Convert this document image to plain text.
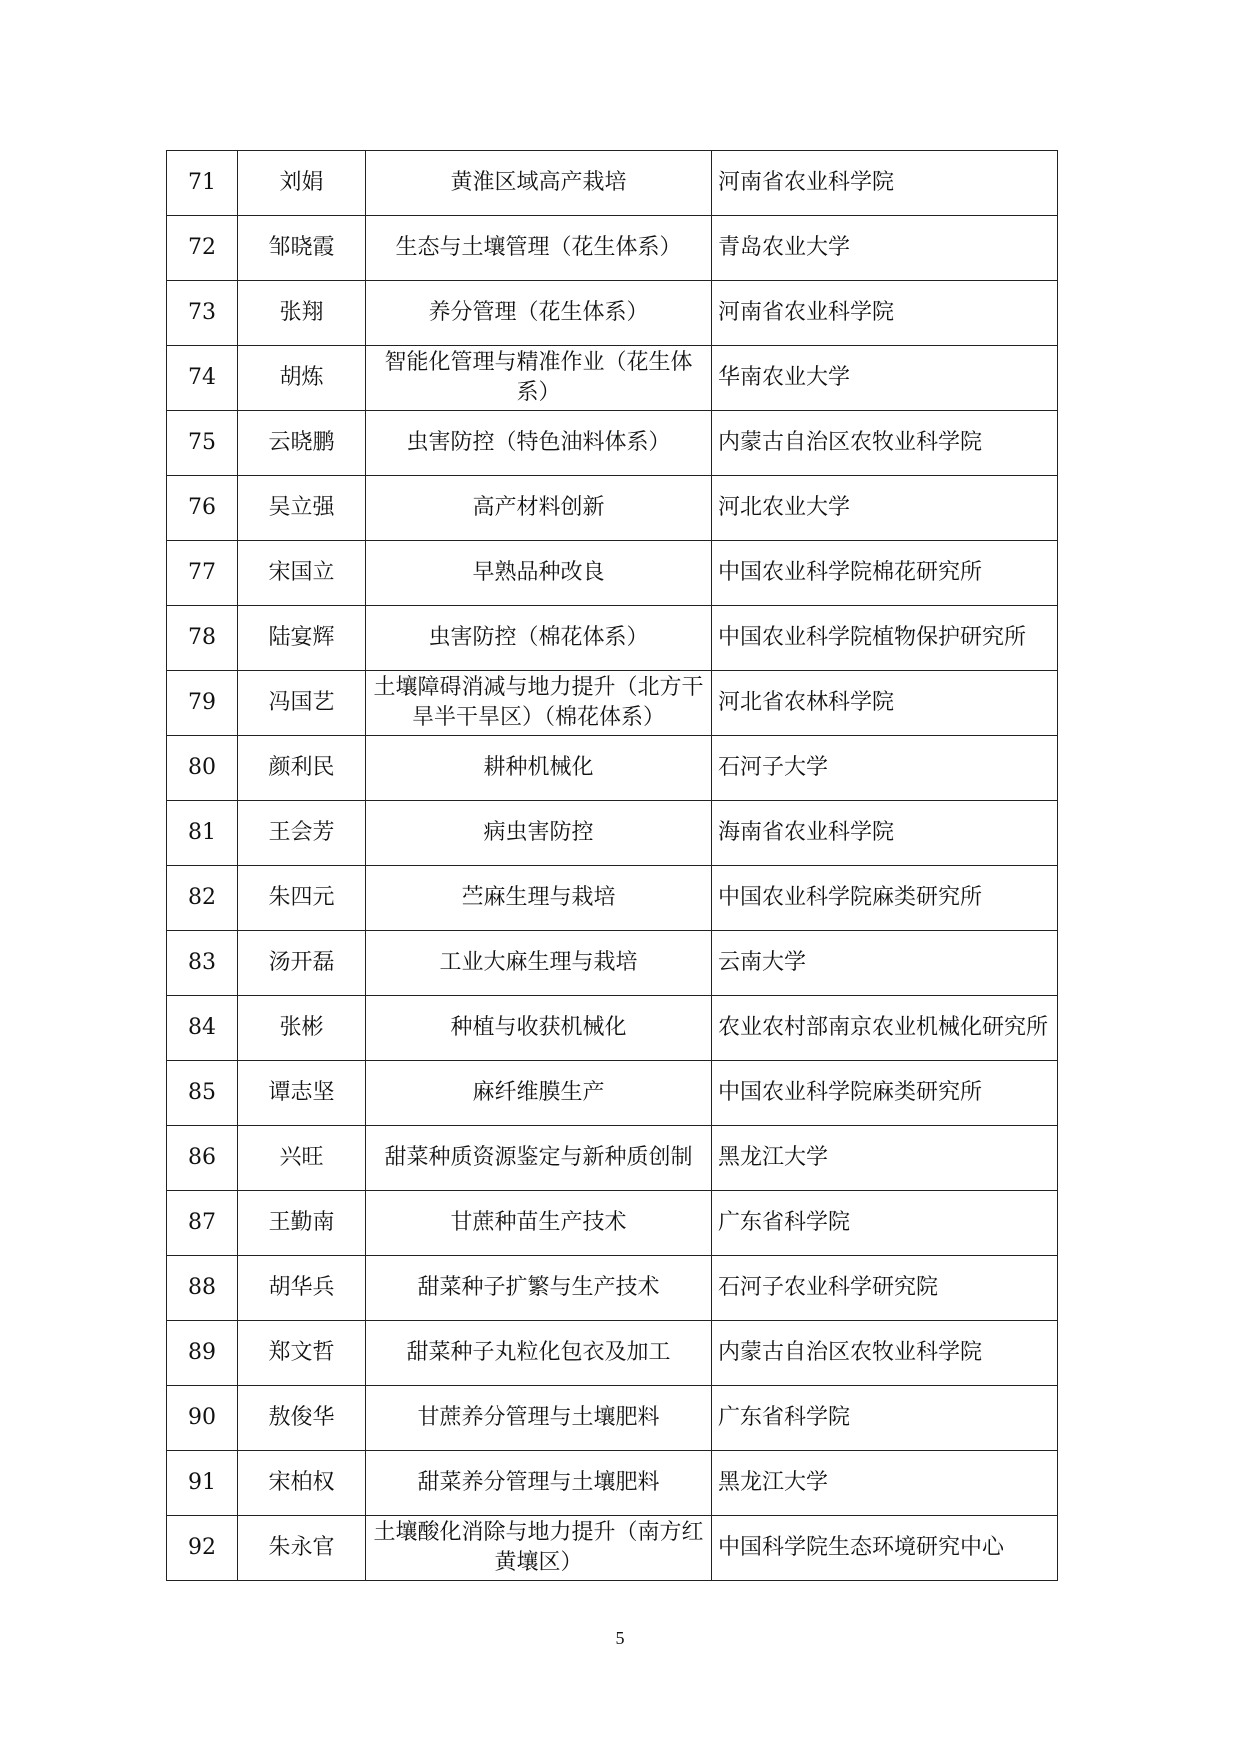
71	刘娟	黄淮区域高产栽培	河南省农业科学院
72	邹晓霞	生态与土壤管理（花生体系）	青岛农业大学
73	张翔	养分管理（花生体系）	河南省农业科学院
74	胡炼	智能化管理与精准作业（花生体系）	华南农业大学
75	云晓鹏	虫害防控（特色油料体系）	内蒙古自治区农牧业科学院
76	吴立强	高产材料创新	河北农业大学
77	宋国立	早熟品种改良	中国农业科学院棉花研究所
78	陆宴辉	虫害防控（棉花体系）	中国农业科学院植物保护研究所
79	冯国艺	土壤障碍消减与地力提升（北方干旱半干旱区）（棉花体系）	河北省农林科学院
80	颜利民	耕种机械化	石河子大学
81	王会芳	病虫害防控	海南省农业科学院
82	朱四元	苎麻生理与栽培	中国农业科学院麻类研究所
83	汤开磊	工业大麻生理与栽培	云南大学
84	张彬	种植与收获机械化	农业农村部南京农业机械化研究所
85	谭志坚	麻纤维膜生产	中国农业科学院麻类研究所
86	兴旺	甜菜种质资源鉴定与新种质创制	黑龙江大学
87	王勤南	甘蔗种苗生产技术	广东省科学院
88	胡华兵	甜菜种子扩繁与生产技术	石河子农业科学研究院
89	郑文哲	甜菜种子丸粒化包衣及加工	内蒙古自治区农牧业科学院
90	敖俊华	甘蔗养分管理与土壤肥料	广东省科学院
91	宋柏权	甜菜养分管理与土壤肥料	黑龙江大学
92	朱永官	土壤酸化消除与地力提升（南方红黄壤区）	中国科学院生态环境研究中心
5
